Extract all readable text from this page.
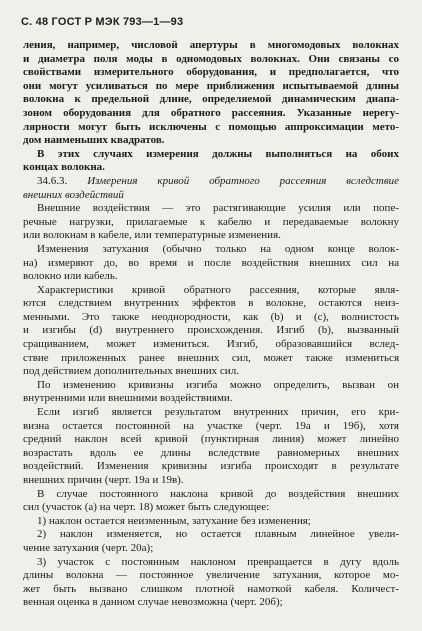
С. 48 ГОСТ Р МЭК 793—1—93

ления, например, числовой апертуры в многомодовых волокнах
и диаметра поля моды в одномодовых волокнах. Они связаны со
свойствами измерительного оборудования, и предполагается, что
они могут усиливаться по мере приближения испытываемой длины
волокна к предельной длине, определяемой динамическим диапа-
зоном оборудования для обратного рассеяния. Указанные нерегу-
лярности могут быть исключены с помощью аппроксимации мето-
дом наименьших квадратов.

В этих случаях измерения должны выполняться на обоих
концах волокна.

34.6.3. Измерения кривой обратного рассеяния вследствие
внешних воздействий

Внешние воздействия — это растягивающие усилия или попе-
речные нагрузки, прилагаемые к кабелю и передаваемые волокну
или волокнам в кабеле, или температурные изменения.

Изменения затухания (обычно только на одном конце волок-
на) измеряют до, во время и после воздействия внешних сил на
волокно или кабель.

Характеристики кривой обратного рассеяния, которые явля-
ются следствием внутренних эффектов в волокне, остаются неиз-
менными. Это также неоднородности, как (b) и (c), волнистость
и изгибы (d) внутреннего происхождения. Изгиб (b), вызванный
сращиванием, может измениться. Изгиб, образовавшийся вслед-
ствие приложенных ранее внешних сил, может также измениться
под действием дополнительных внешних сил.

По изменению кривизны изгиба можно определить, вызван он
внутренними или внешними воздействиями.

Если изгиб является результатом внутренних причин, его кри-
визна остается постоянной на участке (черт. 19а и 19б), хотя
средний наклон всей кривой (пунктирная линия) может линейно
возрастать вдоль ее длины вследствие равномерных внешних
воздействий. Изменения кривизны изгиба происходят в результате
внешних причин (черт. 19а и 19в).

В случае постоянного наклона кривой до воздействия внешних
сил (участок (а) на черт. 18) может быть следующее:

1) наклон остается неизменным, затухание без изменения;

2) наклон изменяется, но остается плавным линейное увели-
чение затухания (черт. 20а);

3) участок с постоянным наклоном превращается в дугу вдоль
длины волокна — постоянное увеличение затухания, которое мо-
жет быть вызвано слишком плотной намоткой кабеля. Количест-
венная оценка в данном случае невозможна (черт. 20б);
